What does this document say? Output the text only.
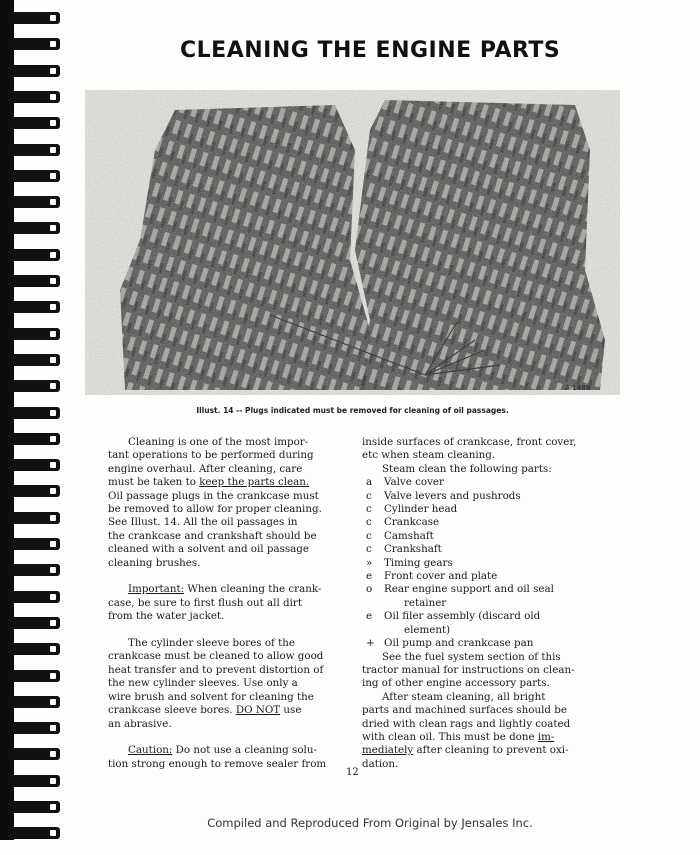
CLEANING THE ENGINE PARTS
A-1489
Illust. 14 -- Plugs indicated must be removed for cleaning of oil passages.
Cleaning is one of the most impor-
tant operations to be performed during
engine overhaul. After cleaning, care
must be taken to keep the parts clean.
Oil passage plugs in the crankcase must
be removed to allow for proper cleaning.
See Illust. 14. All the oil passages in
the crankcase and crankshaft should be
cleaned with a solvent and oil passage
cleaning brushes.
Important: When cleaning the crank-
case, be sure to first flush out all dirt
from the water jacket.
The cylinder sleeve bores of the
crankcase must be cleaned to allow good
heat transfer and to prevent distortion of
the new cylinder sleeves. Use only a
wire brush and solvent for cleaning the
crankcase sleeve bores. DO NOT use
an abrasive.
Caution: Do not use a cleaning solu-
tion strong enough to remove sealer from
inside surfaces of crankcase, front cover,
etc when steam cleaning.
Steam clean the following parts:
a	Valve cover
c	Valve levers and pushrods
c	Cylinder head
c	Crankcase
c	Camshaft
c	Crankshaft
»	Timing gears
e	Front cover and plate
o	Rear engine support and oil seal
retainer
e	Oil filer assembly (discard old
element)
+ Oil pump and crankcase pan
See the fuel system section of this
tractor manual for instructions on clean-
ing of other engine accessory parts.
After steam cleaning, all bright
parts and machined surfaces should be
dried with clean rags and lightly coated
with clean oil. This must be done im-
mediately after cleaning to prevent oxi-
dation.
12
Compiled and Reproduced From Original by Jensales Inc.
